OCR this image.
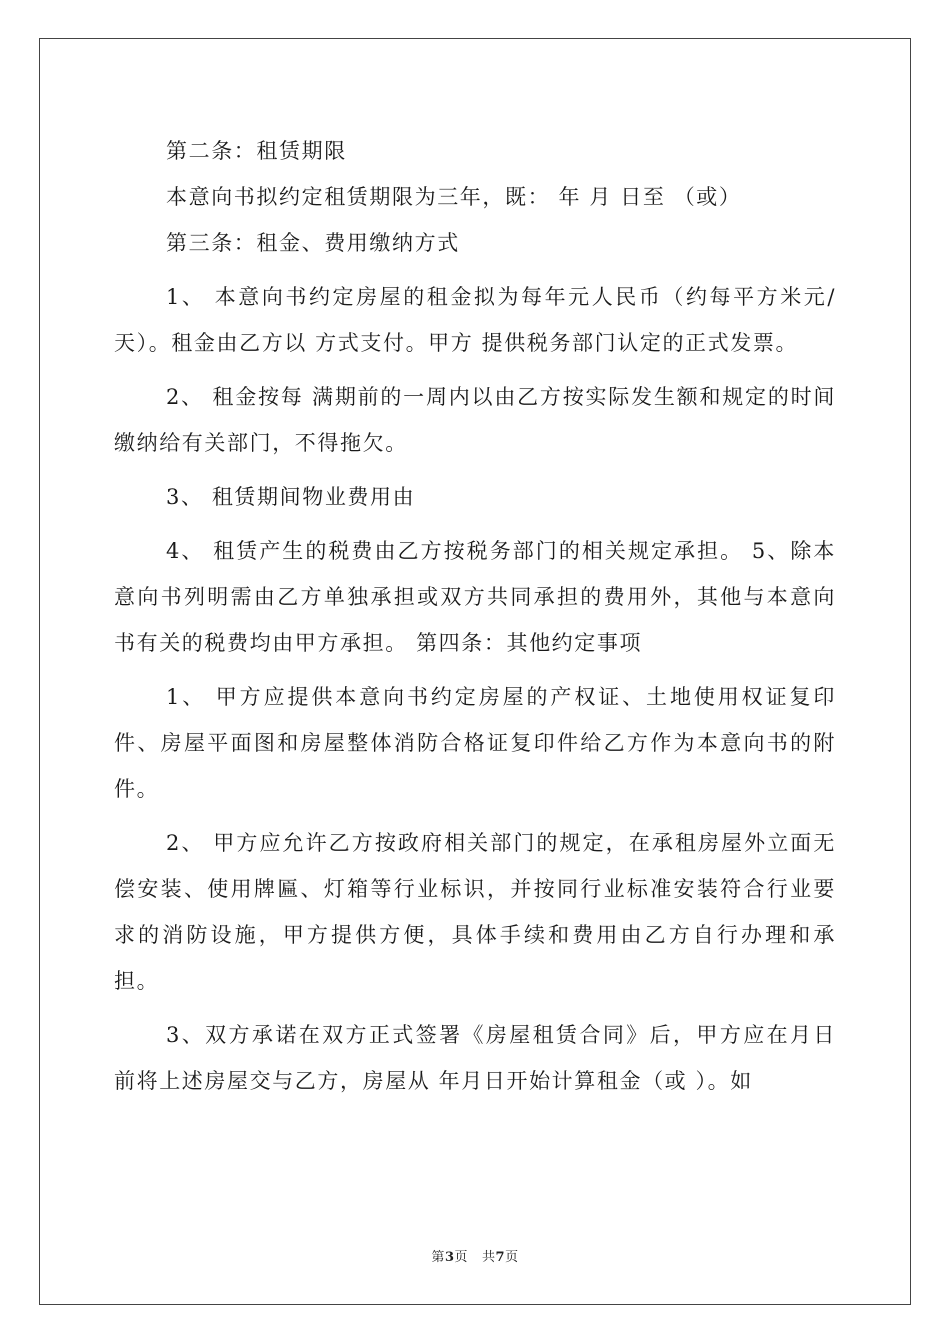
第二条：租赁期限

本意向书拟约定租赁期限为三年，既： 年 月 日至 （或）

第三条：租金、费用缴纳方式

1、 本意向书约定房屋的租金拟为每年元人民币（约每平方米元/天）。租金由乙方以 方式支付。甲方 提供税务部门认定的正式发票。

2、 租金按每 满期前的一周内以由乙方按实际发生额和规定的时间缴纳给有关部门，不得拖欠。

3、 租赁期间物业费用由

4、 租赁产生的税费由乙方按税务部门的相关规定承担。 5、除本意向书列明需由乙方单独承担或双方共同承担的费用外，其他与本意向书有关的税费均由甲方承担。 第四条：其他约定事项

1、 甲方应提供本意向书约定房屋的产权证、土地使用权证复印件、房屋平面图和房屋整体消防合格证复印件给乙方作为本意向书的附件。

2、 甲方应允许乙方按政府相关部门的规定，在承租房屋外立面无偿安装、使用牌匾、灯箱等行业标识，并按同行业标准安装符合行业要求的消防设施，甲方提供方便，具体手续和费用由乙方自行办理和承担。

3、双方承诺在双方正式签署《房屋租赁合同》后，甲方应在月日前将上述房屋交与乙方，房屋从 年月日开始计算租金（或 ）。如

第3页 共7页
